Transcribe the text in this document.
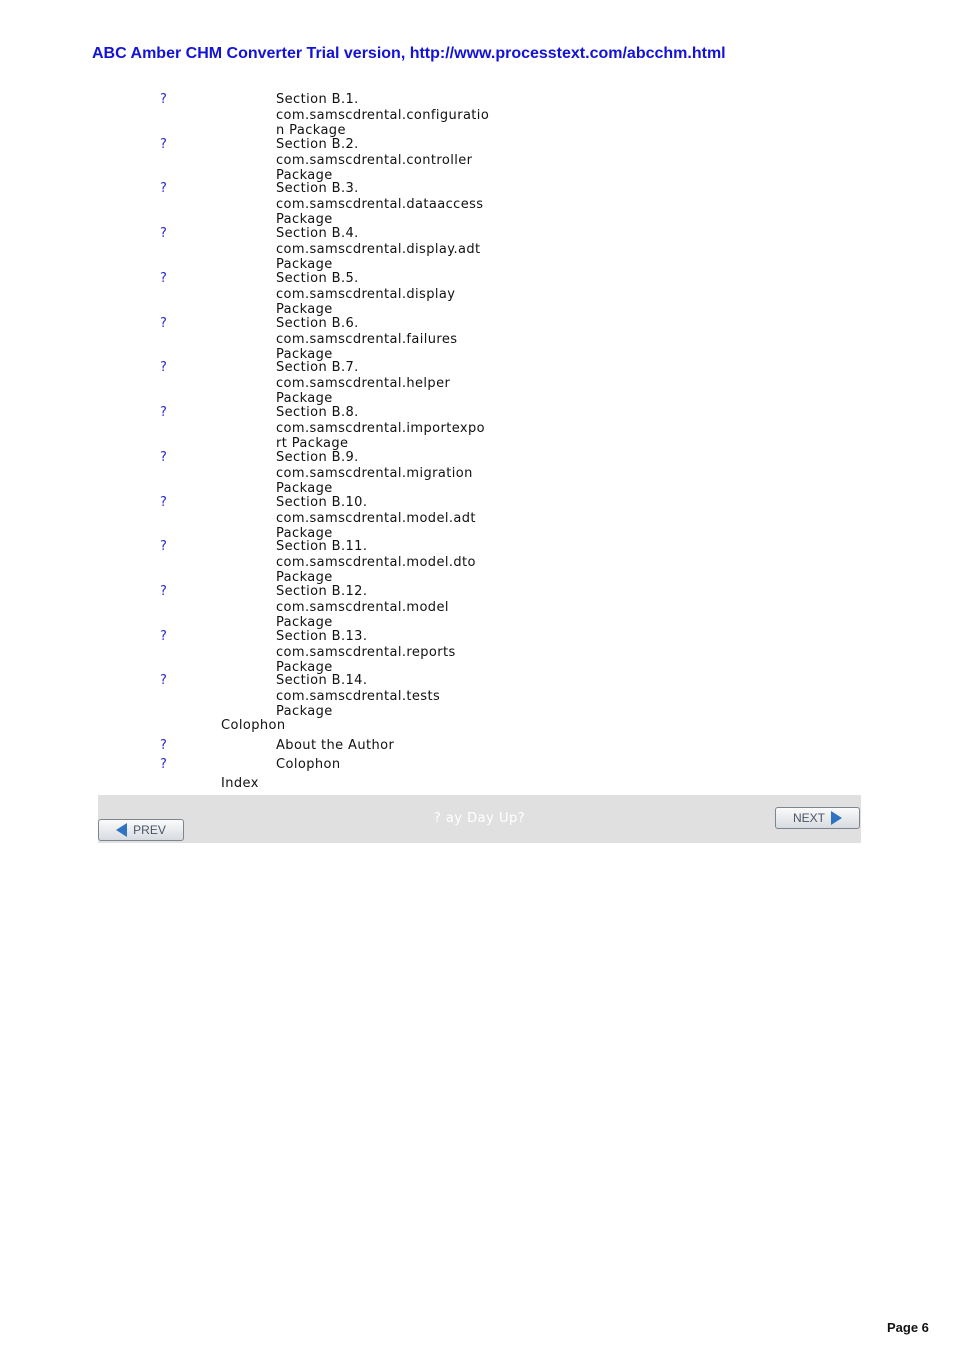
ABC Amber CHM Converter Trial version, http://www.processtext.com/abcchm.html
?	Section B.1.
com.samscdrental.configuratio
n Package
?	Section B.2.
com.samscdrental.controller
Package
?	Section B.3.
com.samscdrental.dataaccess
Package
?	Section B.4.
com.samscdrental.display.adt
Package
?	Section B.5.
com.samscdrental.display
Package
?	Section B.6.
com.samscdrental.failures
Package
?	Section B.7.
com.samscdrental.helper
Package
?	Section B.8.
com.samscdrental.importexpo
rt Package
?	Section B.9.
com.samscdrental.migration
Package
?	Section B.10.
com.samscdrental.model.adt
Package
?	Section B.11.
com.samscdrental.model.dto
Package
?	Section B.12.
com.samscdrental.model
Package
?	Section B.13.
com.samscdrental.reports
Package
?	Section B.14.
com.samscdrental.tests
Package
Colophon
?	About the Author
?	Colophon
Index
? ay Day Up?
PREV
NEXT
Page 6
